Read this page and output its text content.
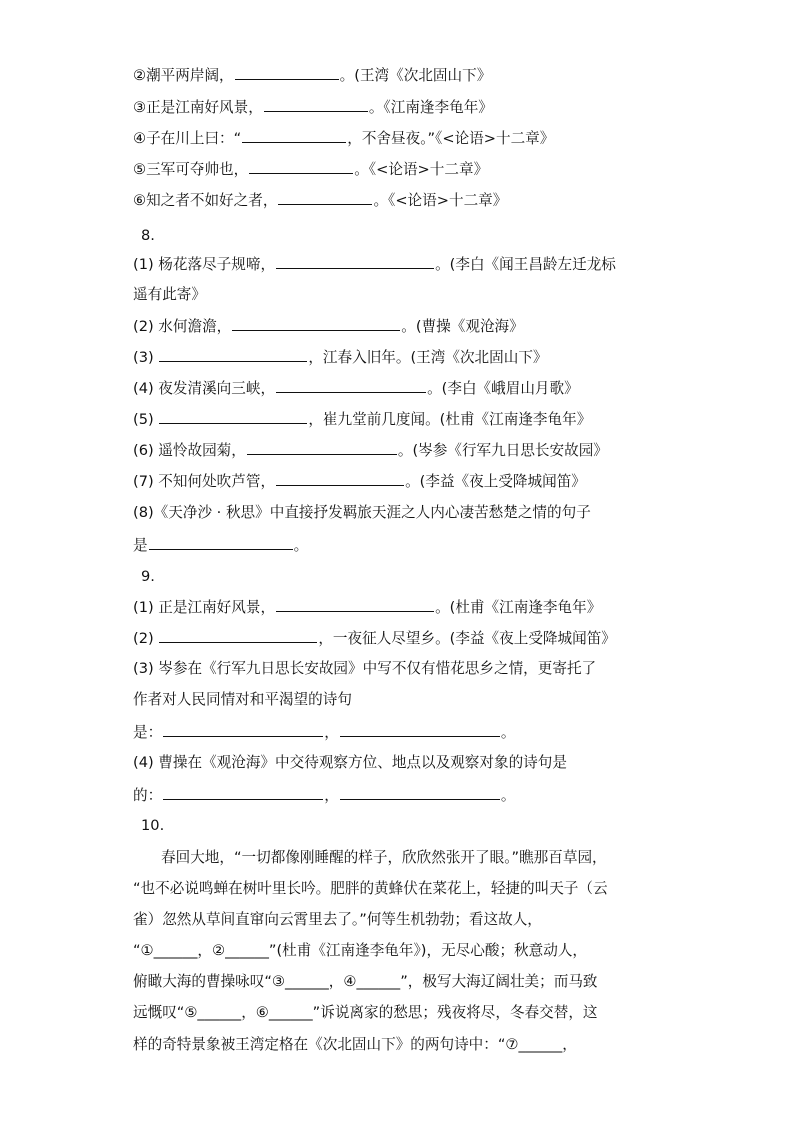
②潮平两岸阔，	。(王湾《次北固山下》
③正是江南好风景，	。《江南逢李龟年》
④子在川上曰：“	，不舍昼夜。”《<论语>十二章》
⑤三军可夺帅也，	。《<论语>十二章》
⑥知之者不如好之者，	。《<论语>十二章》
8.
(1) 杨花落尽子规啼，	。(李白《闻王昌龄左迁龙标
遥有此寄》
(2) 水何澹澹，	。(曹操《观沧海》
(3)	，江春入旧年。(王湾《次北固山下》
(4) 夜发清溪向三峡，	。(李白《峨眉山月歌》
(5)	，崔九堂前几度闻。(杜甫《江南逢李龟年》
(6) 遥怜故园菊，	。(岑参《行军九日思长安故园》
(7) 不知何处吹芦管，	。(李益《夜上受降城闻笛》
(8)《天净沙 · 秋思》中直接抒发羁旅天涯之人内心凄苦愁楚之情的句子
是	。
9.
(1) 正是江南好风景，	。(杜甫《江南逢李龟年》
(2)	，一夜征人尽望乡。(李益《夜上受降城闻笛》
(3) 岑参在《行军九日思长安故园》中写不仅有惜花思乡之情，更寄托了
作者对人民同情对和平渴望的诗句
是：	，	。
(4) 曹操在《观沧海》中交待观察方位、地点以及观察对象的诗句是
的：	，	。
10.
春回大地，“一切都像刚睡醒的样子，欣欣然张开了眼。”瞧那百草园，
“也不必说鸣蝉在树叶里长吟。肥胖的黄蜂伏在菜花上，轻捷的叫天子（云
雀）忽然从草间直窜向云霄里去了。”何等生机勃勃；看这故人，
“①______，②______”(杜甫《江南逢李龟年》)，无尽心酸；秋意动人，
俯瞰大海的曹操咏叹“③______，④______”，极写大海辽阔壮美；而马致
远慨叹“⑤______，⑥______”诉说离家的愁思；残夜将尽，冬春交替，这
样的奇特景象被王湾定格在《次北固山下》的两句诗中：“⑦______，
